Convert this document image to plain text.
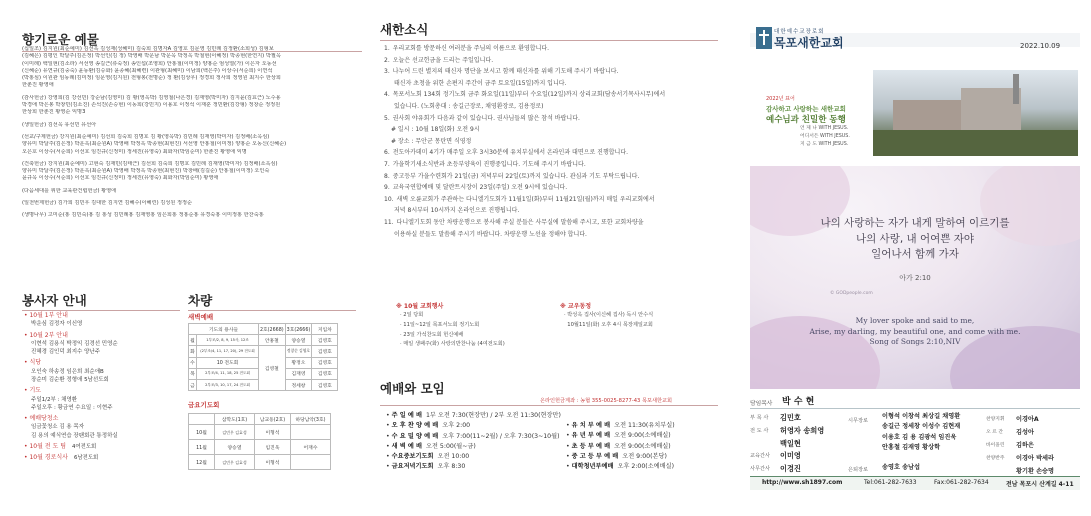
향기로운 예물
(십일조) 김지원(최순예미) 김선옥 김성재(성혜미) 김숙희 김명자A 김영호 김문영 김민례 김정환(소희성) 김형보
(김혜은) 김평인 박달주(김은정) 박선인(김 정) 박영배 박운남 박운옥 박정옥 박철현(이혜정) 박종현(한연지) 박필옥
(이미례) 백일현(김소라) 서선영 송길근(류숙정) 송인섭(조영희) 안홍철(이미정) 양홍순 엄성열(가) 이은자 오동선
(신혜순) 유연규(김중숙) 윤동환(김승화) 윤종혜(최혜련) 이관형(최혜미) 이남희(백은주) 이상수(서순희) 이연석
(박홍심) 이원관 임동례(김미정) 임문영(김지원) 전형봉(전명순) 정 환(김상우) 정경희 정사희 정영원 최지수 한상희
한춘진 황영애
(감사헌금) 강영희(김 강선민) 강순남(김영미) 김 황(영옥박) 김영철(나은경) 김재영(박미자) 김지윤(김효근) 노수용
박경애 박은봉 박창민(김소진) 손석진(손승현) 이동희(강민지) 이용호 이정석 이재훈 정민환(김강형) 정창순 정정원
한상희 한춘진 황영순 익명3
(생일헌금) 김선옥 유선민 유선아
(선교/구제헌금) 강지원(최순예미) 김선희 김숙희 김명호 김 황(영옥박) 김민례 김재영(박미자) 김정배(소옥심)
양유미 박달주(김은정) 박운옥(최순원A) 박영배 박정옥 박종현(최현진) 서선영 안홍철(이미정) 양홍순 오동신(신혜순)
오은호 이상수(서순희) 이선호 임진규(신정미) 정세진(유영숙) 최화자(박임순미) 한춘진 황영애 익명
(건축헌금) 강지원(최순예미) 고현숙 김재민(김태근) 김선희 김숙희 김명호 김민례 김재영(박미자) 김정배(소옥심)
양유미 박달주(김은정) 박운옥(최순원A) 박영배 박정옥 박종현(최현진) 박창배(김길순) 안홍철(이미정) 오인숙
윤규옥 이상수(서순희) 이선호 임진규(신정미) 정세진(유영숙) 최화자(박임순미) 황영애
(다음세대를 위한 교육관건립헌금) 황영애
(일천번제헌금) 김가희 김민우 김대한 김지연 김혜수(이혜린) 김성원 정정순
(생명나무) 고미순(홍 김민숙)홍 김 홍성 김민례홍 김재영홍 임은희홍 정홍순홍 유경숙홍 이미정홍 한찬숙홍
봉사자 안내
• 10월 1부 안내
박운심 김정자 이신영
• 10월 2부 안내
이현석 김용식 박정익 김경선 민영순
진혜경 김인덕 최지수 양난주
• 식당
오인숙 하송정 임은희 최순애B
장순미 김순환 정형애 5남선도회
• 기도
주일1/2부 : 채영환
주일오후 : 황금연 수요일 : 이현주
• 예배당청소
임금꽃청소 김 용 목자
김 용의 예식연습 장팬회관 통정하실
• 10월 전 도 팀 4여전도회
• 10월 경로식사 6남전도회
차량
새벽예배
기도의 용사들		2호(2668)	3호(2666)	지입차
월	1부조/2, 8, 9, 15사, 12조	안홍철	양승열	김영호
화	(2부조/4, 11, 17, 20), 29 전도회	김영철	정창순 김영호	김영호
수	10 전도회		황정오	김영호
목	2부조/4, 11, 18, 25 전도회		김재영	김영호
금	2부조/3, 10, 17, 24 전도회		정세창	김영호
금요기도회
	삼학도(1호)	남교동(2호)	하당남악(3호)
10월	김민우 김효성	이형석	
11월	양승열	임진욱	어재수
12월	김민우 김효성	이형석	
새한소식
1. 우리교회를 방문하신 여러분을 주님의 이름으로 환영합니다.
2. 오늘은 선교헌금을 드리는 주일입니다.
3. 나누어 드린 별지의 태신자 명단을 보시고 함께 태신자를 위해 기도해 주시기 바랍니다.
태신자 초청을 위한 손편지 주간이 금주 토요일(15일)까지 입니다.
4. 목포서노회 134회 정기노회 금주 화요일(11일)부터 수요일(12일)까지 상리교회(담송서기목사시무)에서
있습니다. (노회총대 : 송길근장로, 채영환장로, 김용정로)
5. 권사회 야유회가 다음과 같이 있습니다. 권사님들의 많은 참석 바랍니다.
# 일시 : 10월 18일(화) 오전 9시
# 장소 : 무안군 몽탄면 식영정
6. 전도아카데미 4기가 매주일 오후 3시30분에 유치부실에서 온라인과 대면으로 진행합니다.
7. 가을학기새소식반과 초등부양육이 진행중입니다. 기도해 주시기 바랍니다.
8. 중고등부 가을수련회가 21일(금) 저녁부터 22일(토)까지 있습니다. 관심과 기도 부탁드립니다.
9. 교육국연합예배 및 달란트시장이 23일(주일) 오전 9시에 있습니다.
10. 새벽 오륜교회가 주관하는 다니엘기도회가 11월1일(화)부터 11월21일(월)까지 매일 우리교회에서
저녁 8시부터 10시까지 온라인으로 진행됩니다.
11. 다니엘기도회 동안 차량운행으로 봉사해 주실 분들은 사무실에 말씀해 주시고, 또한 교회차량을
이용하실 분들도 말씀해 주시기 바랍니다. 차량운행 노선을 정해야 합니다.
※ 10월 교회행사
· 2일 당회
· 11일~12일 목포서노회 정기노회
· 23일 가석찬도회 헌신예배
· 매일 생패주(화) 사랑의반찬나눔 (4여전도회)
※ 교우동정
· 박성옥 집사(이신혜 집사) 독시 안수식
10월11일(화) 오후 4시 목장제일교회
예배와 모임
온라인헌금계좌 : 농협 355-0025-8277-43 목포새한교회
• 주 일 예 배 1부 오전 7:30(현장만) / 2부 오전 11:30(현장만)
• 오 후 찬 양 예 배 오후 2:00
• 수 요 밀 양 예 배 오후 7:00(11~2월) / 오후 7:30(3~10월)
• 새 벽 예 배 오전 5:00(월~금)
• 수요중보기도회 오전 10:00
• 금요저녁기도회 오후 8:30
• 유 치 부 예 배 오전 11:30(유치부실)
• 유 년 부 예 배 오전 9:00(소예배실)
• 초 등 부 예 배 오전 9:00(소예배실)
• 중 고 등 부 예 배 오전 9:00(본당)
• 대학청년부예배 오후 2:00(소예배실)
대한예수교장로회
목포새한교회	2022.10.09
2022년 표어
감사하고 사랑하는 새한교회
예수님과 친밀한 동행
언 제 나 WITH JESUS.
어디서든 WITH JESUS.
지 금 도 WITH JESUS.
나의 사랑하는 자가 내게 말하여 이르기를
나의 사랑, 내 어여쁜 자야
일어나서 함께 가자
아가 2:10
© GODpeople.com
My lover spoke and said to me,
Arise, my darling, my beautiful one, and come with me.
Song of Songs 2:10,NIV
담임목사 박 수 현
부 목 사	김민호
전 도 사	허영자 송희영
백일현
교육간사	이미영
사무간사	이경진
시무장로
이형석 이창석 최상길 채영환
송길근 정세창 이성수 김현재
이용호 김 용 김광석 임진욱
안홍철 김재영 황상학
은퇴장로 송영호 송남섭
찬양지휘	이경아A
오 르 간	김성아
바이올린	김하은
찬양반주	이경아 박세라
황기환 손승명
http://www.sh1897.com	Tel:061-282-7633	Fax:061-282-7634	전남 목포시 산계길 4-11
